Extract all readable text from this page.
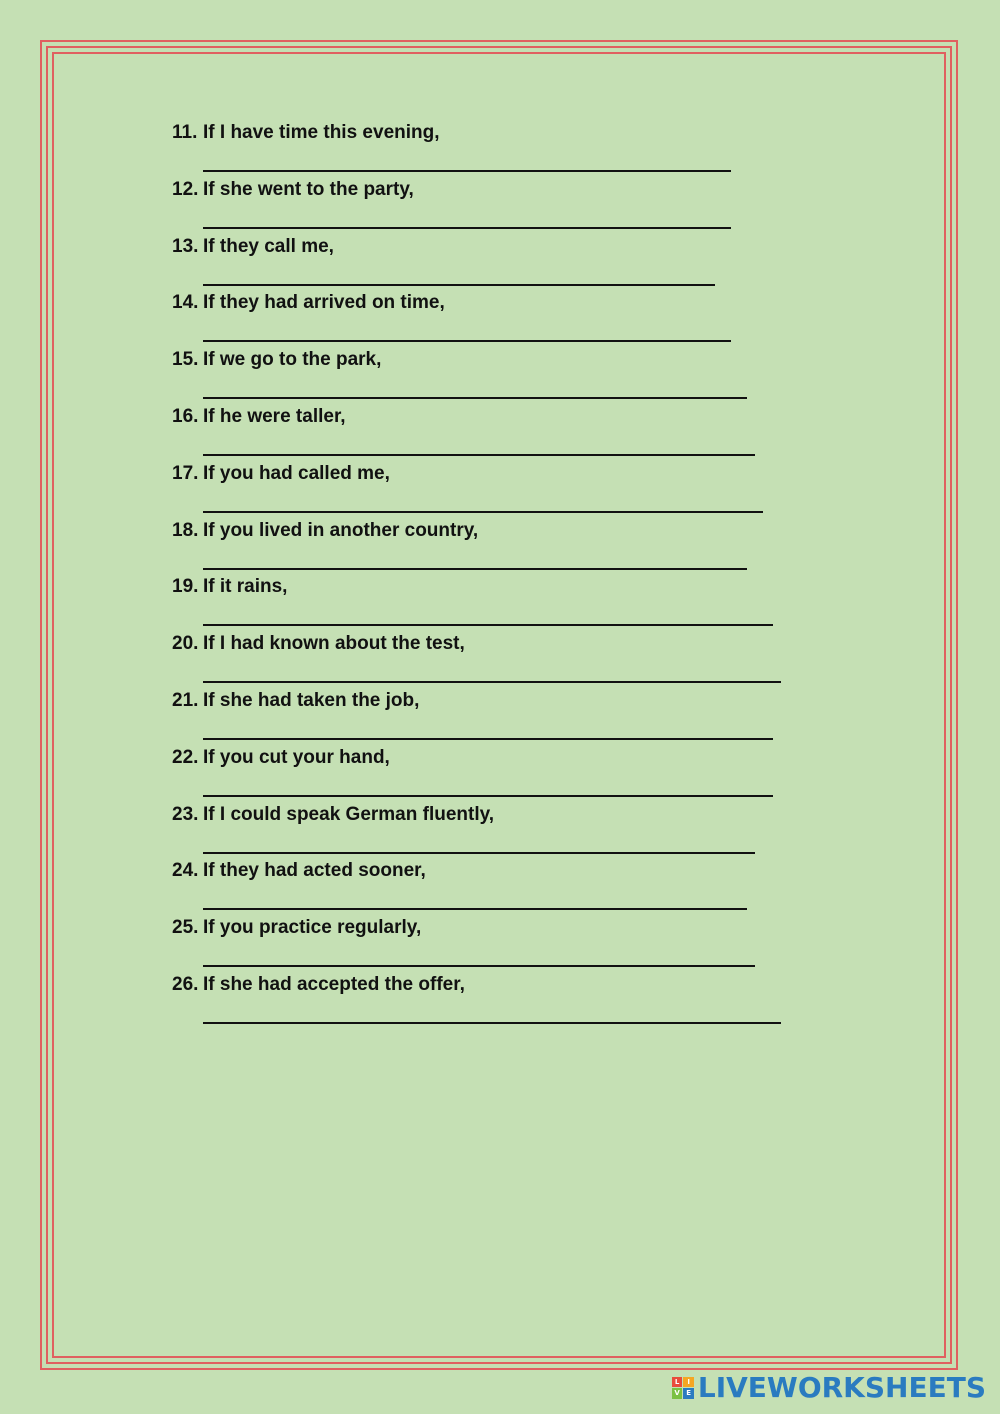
11. If I have time this evening,
12. If she went to the party,
13. If they call me,
14. If they had arrived on time,
15. If we go to the park,
16. If he were taller,
17. If you had called me,
18. If you lived in another country,
19. If it rains,
20. If I had known about the test,
21. If she had taken the job,
22. If you cut your hand,
23. If I could speak German fluently,
24. If they had acted sooner,
25. If you practice regularly,
26. If she had accepted the offer,
L	I
V E LIVEWORKSHEETS
